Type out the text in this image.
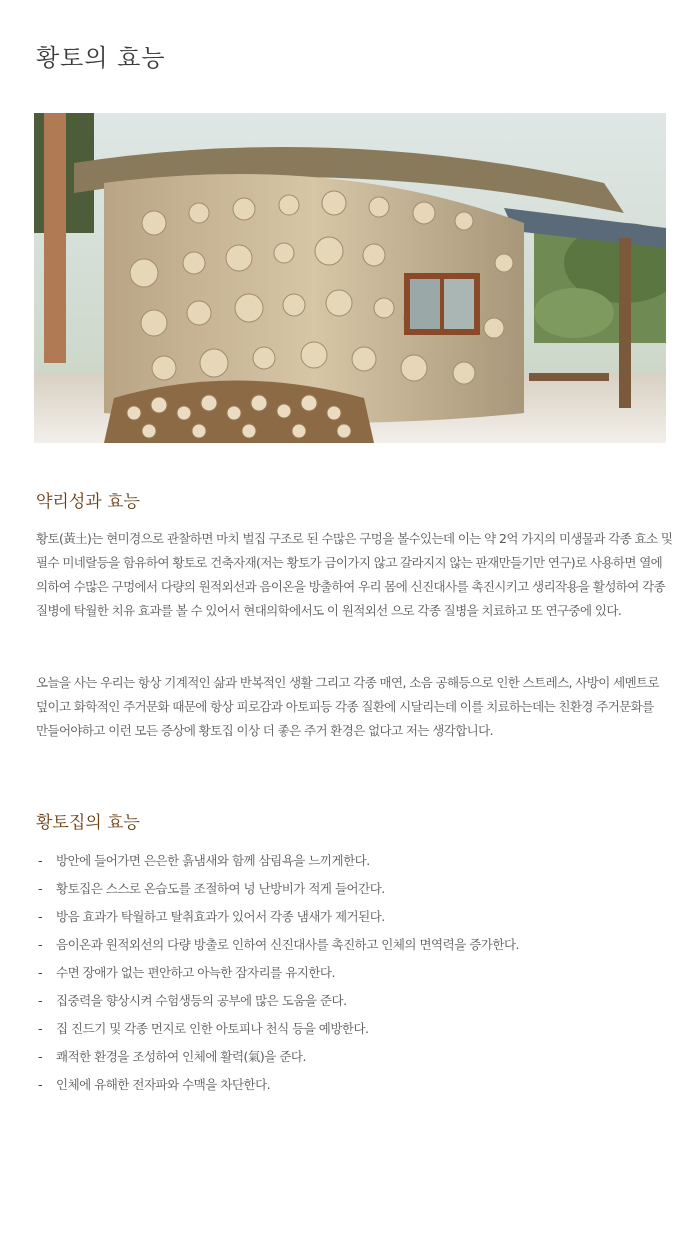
황토의 효능
약리성과 효능

황토(黃土)는 현미경으로 관찰하면 마치 벌집 구조로 된 수많은 구멍을 볼수있는데 이는 약 2억 가지의 미생물과 각종 효소 및 필수 미네랄등을 함유하여 황토로 건축자재(저는 황토가 금이가지 않고 갈라지지 않는 판재만들기만 연구)로 사용하면 열에 의하여 수많은 구멍에서 다량의 원적외선과 음이온을 방출하여 우리 몸에 신진대사를 촉진시키고 생리작용을 활성하여 각종 질병에 탁월한 치유 효과를 볼 수 있어서 현대의학에서도 이 원적외선 으로 각종 질병을 치료하고 또 연구중에 있다.

오늘을 사는 우리는 항상 기계적인 삶과 반복적인 생활 그리고 각종 매연, 소음 공해등으로 인한 스트레스, 사방이 세멘트로 덮이고 화학적인 주거문화 때문에 항상 피로감과 아토피등 각종 질환에 시달리는데 이를 치료하는데는 친환경 주거문화를 만들어야하고 이런 모든 증상에 황토집 이상 더 좋은 주거 환경은 없다고 저는 생각합니다.

황토집의 효능
- 방안에 들어가면 은은한 흙냄새와 함께 삼림욕을 느끼게한다.
- 황토집은 스스로 온습도를 조절하여 넝 난방비가 적게 들어간다.
- 방음 효과가 탁월하고 탈취효과가 있어서 각종 냄새가 제거된다.
- 음이온과 원적외선의 다량 방출로 인하여 신진대사를 촉진하고 인체의 면역력을 증가한다.
- 수면 장애가 없는 편안하고 아늑한 잠자리를 유지한다.
- 집중력을 향상시켜 수험생등의 공부에 많은 도움을 준다.
- 집 진드기 및 각종 먼지로 인한 아토피나 천식 등을 예방한다.
- 쾌적한 환경을 조성하여 인체에 활력(氣)을 준다.
- 인체에 유해한 전자파와 수맥을 차단한다.
